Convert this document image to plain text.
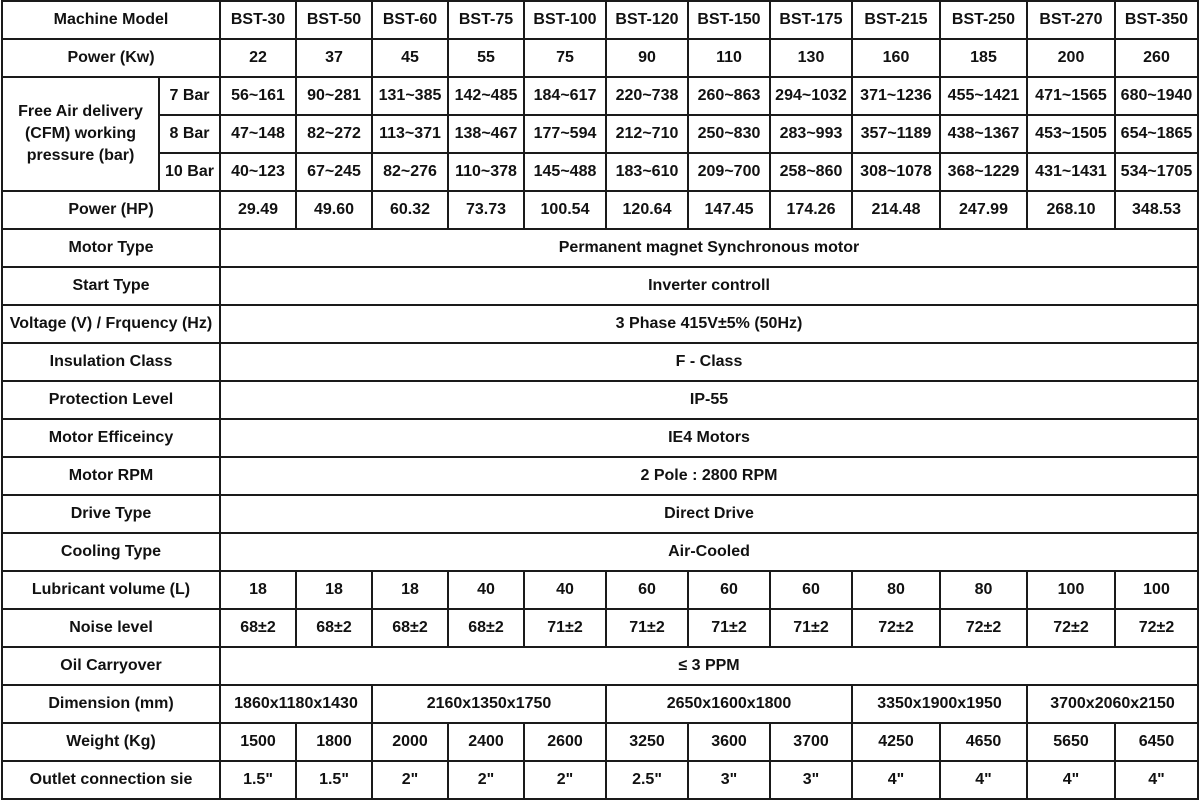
Machine Model		BST-30	BST-50	BST-60	BST-75	BST-100	BST-120	BST-150	BST-175	BST-215	BST-250	BST-270	BST-350
Power (Kw)		22	37	45	55	75	90	110	130	160	185	200	260
Free Air delivery (CFM) working pressure (bar)	7 Bar	56~161	90~281	131~385	142~485	184~617	220~738	260~863	294~1032	371~1236	455~1421	471~1565	680~1940
	8 Bar	47~148	82~272	113~371	138~467	177~594	212~710	250~830	283~993	357~1189	438~1367	453~1505	654~1865
	10 Bar	40~123	67~245	82~276	110~378	145~488	183~610	209~700	258~860	308~1078	368~1229	431~1431	534~1705
Power (HP)		29.49	49.60	60.32	73.73	100.54	120.64	147.45	174.26	214.48	247.99	268.10	348.53
Motor Type		Permanent magnet Synchronous motor											
Start Type		Inverter controll											
Voltage (V) / Frquency (Hz)		3 Phase 415V±5% (50Hz)											
Insulation Class		F - Class											
Protection Level		IP-55											
Motor Efficeincy		IE4 Motors											
Motor RPM		2 Pole : 2800 RPM											
Drive Type		Direct Drive											
Cooling Type		Air-Cooled											
Lubricant volume (L)		18	18	18	40	40	60	60	60	80	80	100	100
Noise level		68±2	68±2	68±2	68±2	71±2	71±2	71±2	71±2	72±2	72±2	72±2	72±2
Oil Carryover		≤ 3 PPM											
Dimension (mm)		1860x1180x1430		2160x1350x1750			2650x1600x1800			3350x1900x1950		3700x2060x2150	
Weight (Kg)		1500	1800	2000	2400	2600	3250	3600	3700	4250	4650	5650	6450
Outlet connection sie		1.5"	1.5"	2"	2"	2"	2.5"	3"	3"	4"	4"	4"	4"
